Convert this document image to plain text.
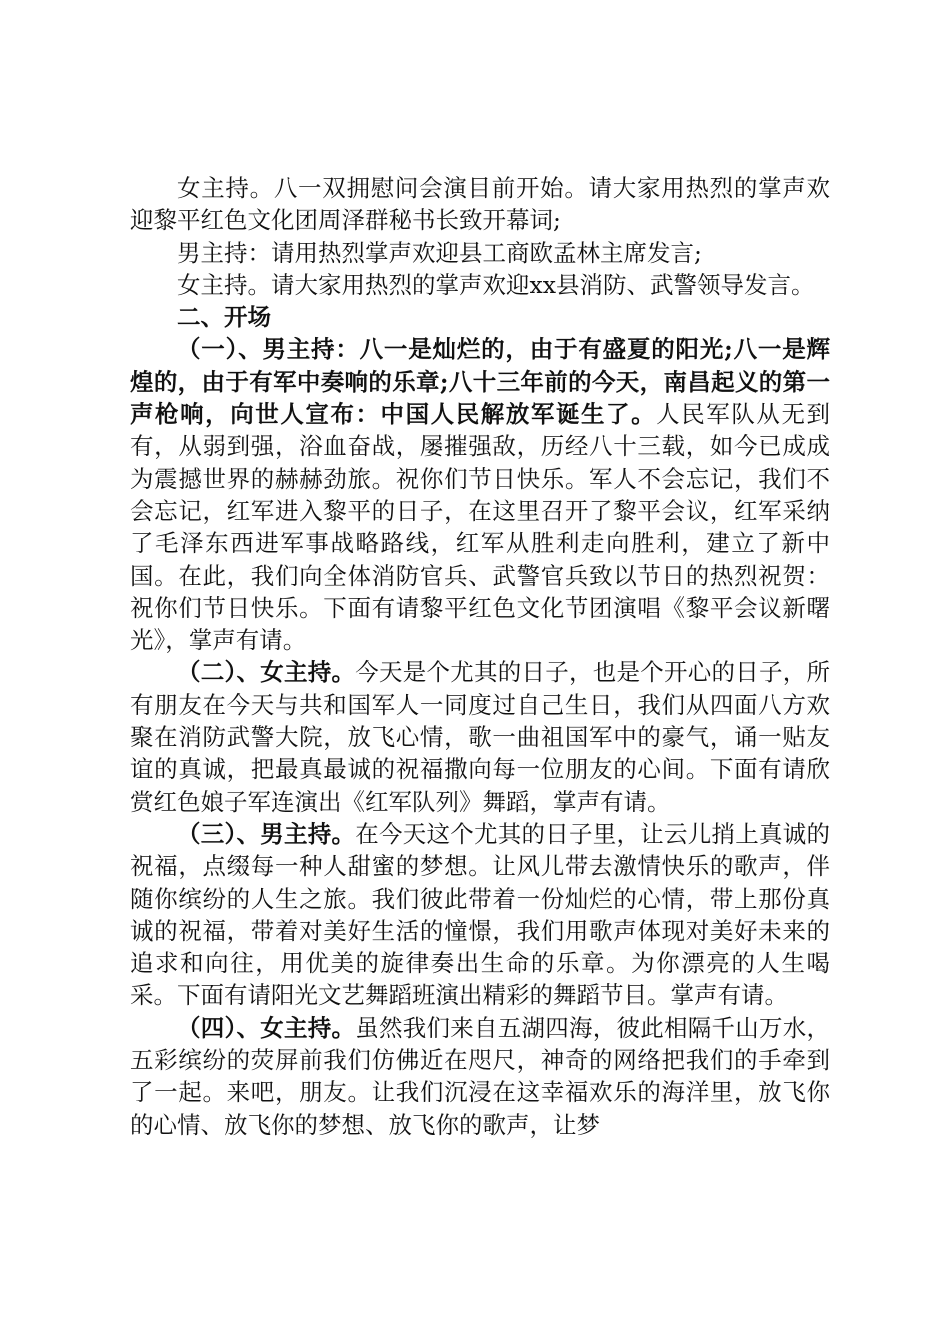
女主持。八一双拥慰问会演目前开始。请大家用热烈的掌声欢迎黎平红色文化团周泽群秘书长致开幕词;

男主持：请用热烈掌声欢迎县工商欧孟林主席发言;

女主持。请大家用热烈的掌声欢迎xx县消防、武警领导发言。

二、开场

（一）、男主持：八一是灿烂的，由于有盛夏的阳光;八一是辉煌的，由于有军中奏响的乐章;八十三年前的今天，南昌起义的第一声枪响，向世人宣布：中国人民解放军诞生了。人民军队从无到有，从弱到强，浴血奋战，屡摧强敌，历经八十三载，如今已成成为震撼世界的赫赫劲旅。祝你们节日快乐。军人不会忘记，我们不会忘记，红军进入黎平的日子，在这里召开了黎平会议，红军采纳了毛泽东西进军事战略路线，红军从胜利走向胜利，建立了新中国。在此，我们向全体消防官兵、武警官兵致以节日的热烈祝贺：祝你们节日快乐。下面有请黎平红色文化节团演唱《黎平会议新曙光》，掌声有请。

（二）、女主持。今天是个尤其的日子，也是个开心的日子，所有朋友在今天与共和国军人一同度过自己生日，我们从四面八方欢聚在消防武警大院，放飞心情，歌一曲祖国军中的豪气，诵一贴友谊的真诚，把最真最诚的祝福撒向每一位朋友的心间。下面有请欣赏红色娘子军连演出《红军队列》舞蹈，掌声有请。

（三）、男主持。在今天这个尤其的日子里，让云儿捎上真诚的祝福，点缀每一种人甜蜜的梦想。让风儿带去激情快乐的歌声，伴随你缤纷的人生之旅。我们彼此带着一份灿烂的心情，带上那份真诚的祝福，带着对美好生活的憧憬，我们用歌声体现对美好未来的追求和向往，用优美的旋律奏出生命的乐章。为你漂亮的人生喝采。下面有请阳光文艺舞蹈班演出精彩的舞蹈节目。掌声有请。

（四）、女主持。虽然我们来自五湖四海，彼此相隔千山万水，五彩缤纷的荧屏前我们仿佛近在咫尺，神奇的网络把我们的手牵到了一起。来吧，朋友。让我们沉浸在这幸福欢乐的海洋里，放飞你的心情、放飞你的梦想、放飞你的歌声，让梦
